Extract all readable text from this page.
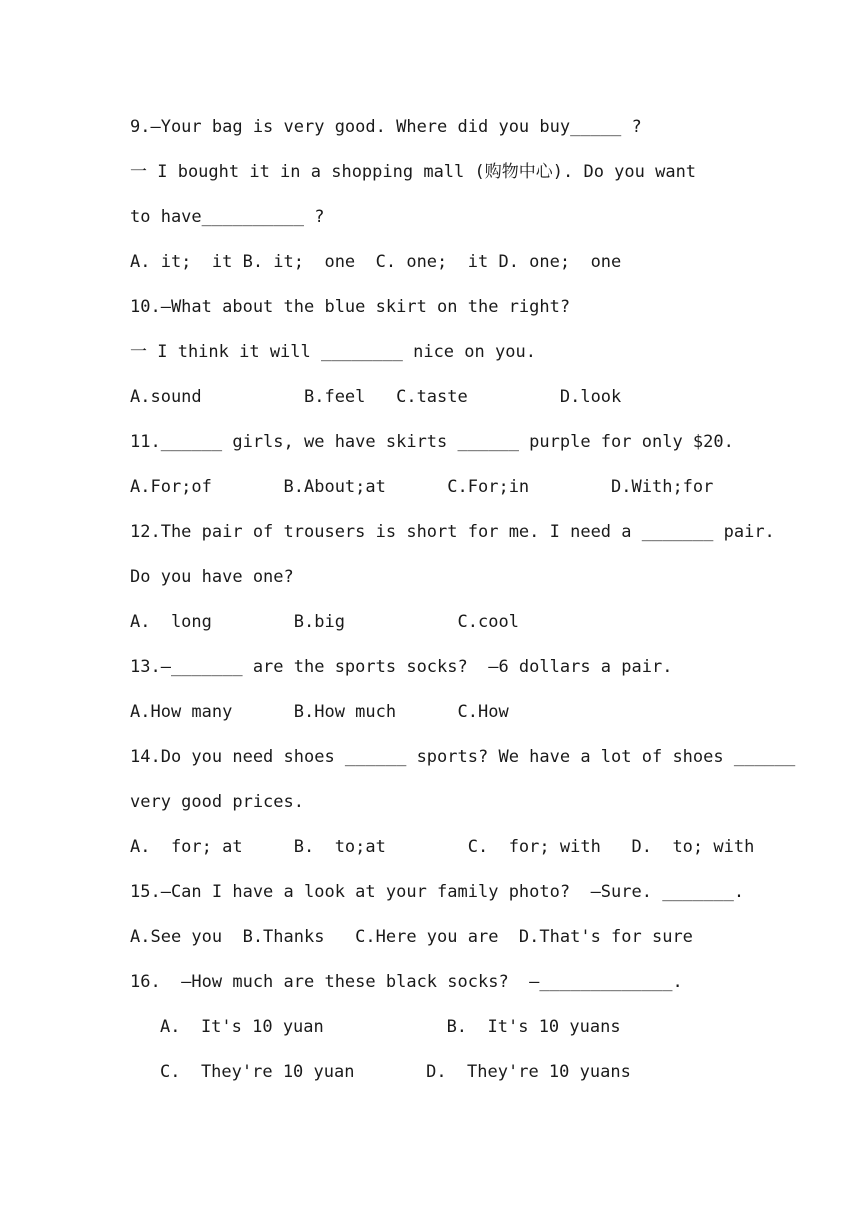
9.—Your bag is very good. Where did you buy_____ ?
一 I bought it in a shopping mall (购物中心). Do you want
to have__________ ?
A. it;  it B. it;  one  C. one;  it D. one;  one
10.—What about the blue skirt on the right?
一 I think it will ________ nice on you.
A.sound          B.feel   C.taste         D.look
11.______ girls, we have skirts ______ purple for only $20.
A.For;of       B.About;at      C.For;in        D.With;for
12.The pair of trousers is short for me. I need a _______ pair.
Do you have one?
A.  long        B.big           C.cool
13.—_______ are the sports socks?  —6 dollars a pair.
A.How many      B.How much      C.How
14.Do you need shoes ______ sports? We have a lot of shoes ______
very good prices.
A.  for; at     B.  to;at        C.  for; with   D.  to; with
15.—Can I have a look at your family photo?  —Sure. _______.
A.See you  B.Thanks   C.Here you are  D.That's for sure
16.  —How much are these black socks?  —_____________.
A.  It's 10 yuan            B.  It's 10 yuans
C.  They're 10 yuan       D.  They're 10 yuans
